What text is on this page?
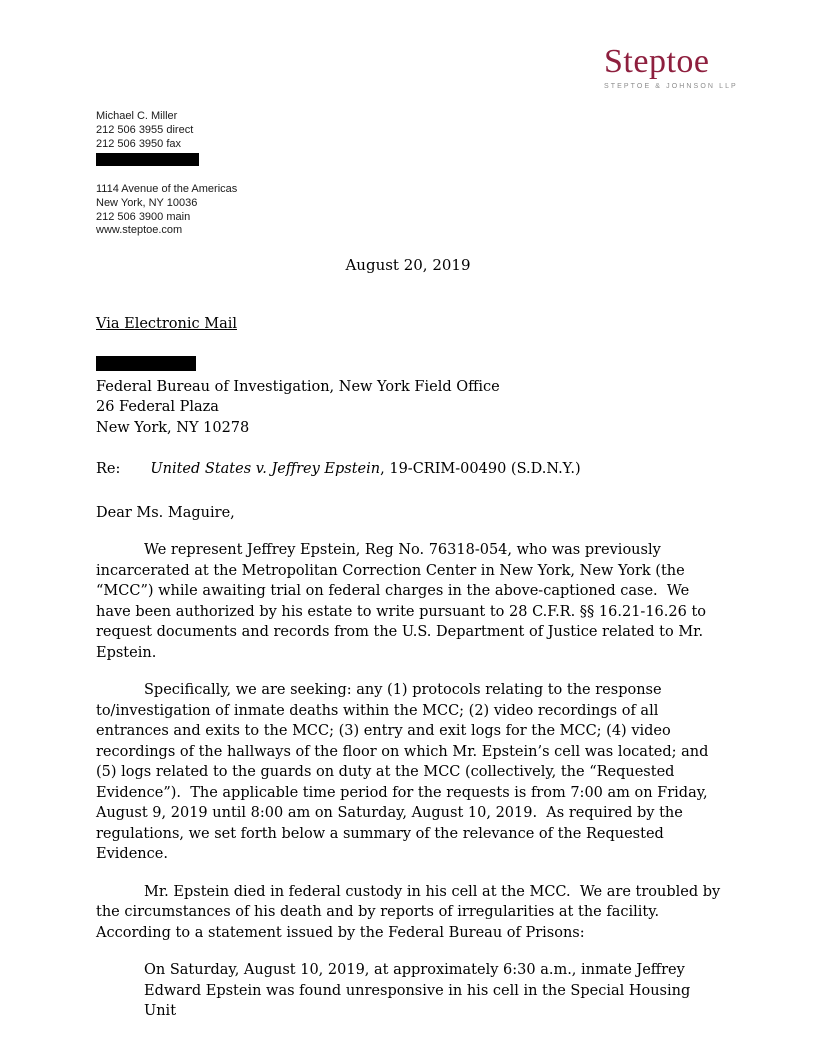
Steptoe
STEPTOE & JOHNSON LLP
Michael C. Miller
212 506 3955 direct
212 506 3950 fax
1114 Avenue of the Americas
New York, NY 10036
212 506 3900 main
www.steptoe.com
August 20, 2019
Via Electronic Mail
Federal Bureau of Investigation, New York Field Office
26 Federal Plaza
New York, NY 10278
Re: United States v. Jeffrey Epstein, 19-CRIM-00490 (S.D.N.Y.)
Dear Ms. Maguire,

We represent Jeffrey Epstein, Reg No. 76318-054, who was previously incarcerated at the Metropolitan Correction Center in New York, New York (the “MCC”) while awaiting trial on federal charges in the above-captioned case.  We have been authorized by his estate to write pursuant to 28 C.F.R. §§ 16.21-16.26 to request documents and records from the U.S. Department of Justice related to Mr. Epstein.

Specifically, we are seeking: any (1) protocols relating to the response to/investigation of inmate deaths within the MCC; (2) video recordings of all entrances and exits to the MCC; (3) entry and exit logs for the MCC; (4) video recordings of the hallways of the floor on which Mr. Epstein’s cell was located; and (5) logs related to the guards on duty at the MCC (collectively, the “Requested Evidence”).  The applicable time period for the requests is from 7:00 am on Friday, August 9, 2019 until 8:00 am on Saturday, August 10, 2019.  As required by the regulations, we set forth below a summary of the relevance of the Requested Evidence.

Mr. Epstein died in federal custody in his cell at the MCC.  We are troubled by the circumstances of his death and by reports of irregularities at the facility.  According to a statement issued by the Federal Bureau of Prisons:

On Saturday, August 10, 2019, at approximately 6:30 a.m., inmate Jeffrey Edward Epstein was found unresponsive in his cell in the Special Housing Unit
